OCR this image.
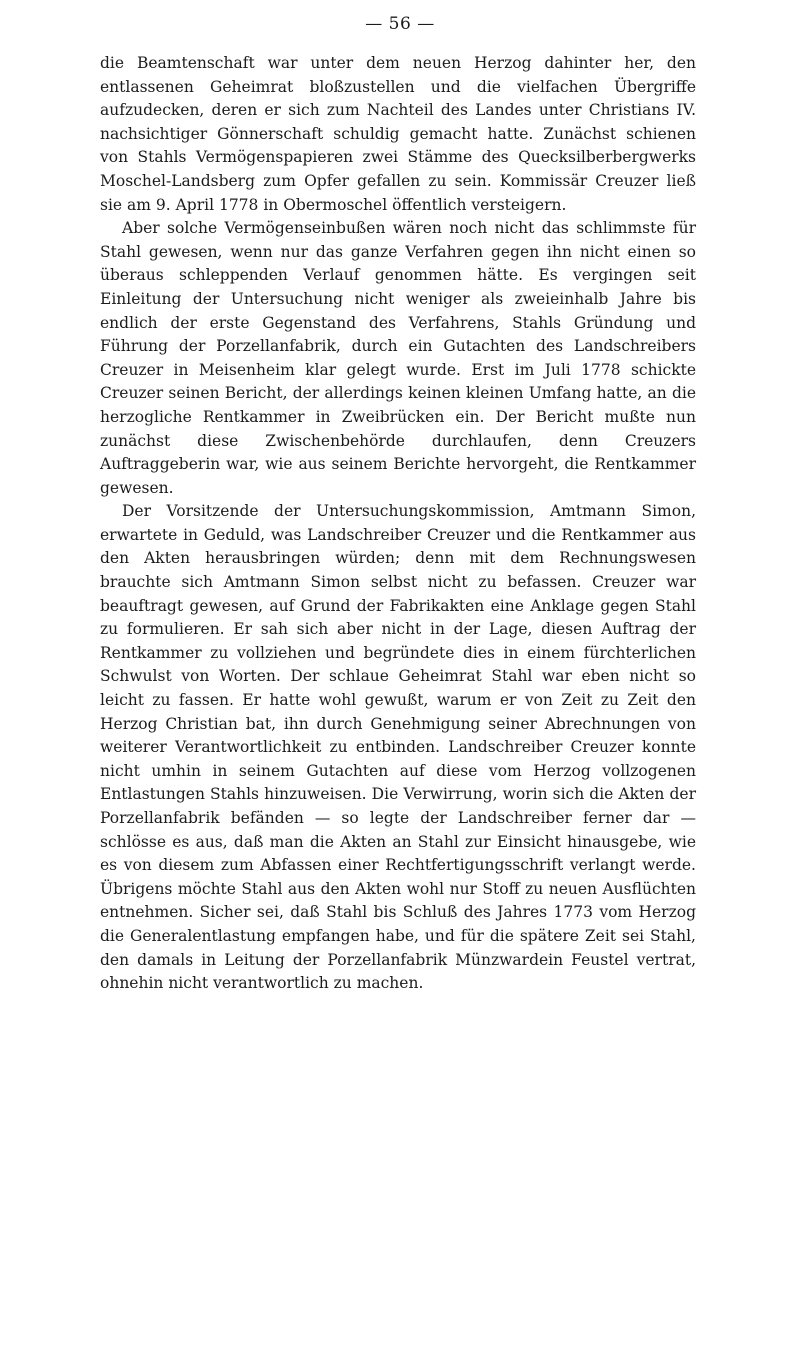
— 56 —

die Beamtenschaft war unter dem neuen Herzog dahinter her, den entlassenen Geheimrat bloßzustellen und die vielfachen Übergriffe aufzudecken, deren er sich zum Nachteil des Landes unter Christians IV. nachsichtiger Gönnerschaft schuldig gemacht hatte. Zunächst schienen von Stahls Vermögenspapieren zwei Stämme des Quecksilberbergwerks Moschel-Landsberg zum Opfer gefallen zu sein. Kommissär Creuzer ließ sie am 9. April 1778 in Obermoschel öffentlich versteigern.

Aber solche Vermögenseinbußen wären noch nicht das schlimmste für Stahl gewesen, wenn nur das ganze Verfahren gegen ihn nicht einen so überaus schleppenden Verlauf genommen hätte. Es vergingen seit Einleitung der Untersuchung nicht weniger als zweieinhalb Jahre bis endlich der erste Gegenstand des Verfahrens, Stahls Gründung und Führung der Porzellanfabrik, durch ein Gutachten des Landschreibers Creuzer in Meisenheim klar gelegt wurde. Erst im Juli 1778 schickte Creuzer seinen Bericht, der allerdings keinen kleinen Umfang hatte, an die herzogliche Rentkammer in Zweibrücken ein. Der Bericht mußte nun zunächst diese Zwischenbehörde durchlaufen, denn Creuzers Auftraggeberin war, wie aus seinem Berichte hervorgeht, die Rentkammer gewesen.

Der Vorsitzende der Untersuchungskommission, Amtmann Simon, erwartete in Geduld, was Landschreiber Creuzer und die Rentkammer aus den Akten herausbringen würden; denn mit dem Rechnungswesen brauchte sich Amtmann Simon selbst nicht zu befassen. Creuzer war beauftragt gewesen, auf Grund der Fabrikakten eine Anklage gegen Stahl zu formulieren. Er sah sich aber nicht in der Lage, diesen Auftrag der Rentkammer zu vollziehen und begründete dies in einem fürchterlichen Schwulst von Worten. Der schlaue Geheimrat Stahl war eben nicht so leicht zu fassen. Er hatte wohl gewußt, warum er von Zeit zu Zeit den Herzog Christian bat, ihn durch Genehmigung seiner Abrechnungen von weiterer Verantwortlichkeit zu entbinden. Landschreiber Creuzer konnte nicht umhin in seinem Gutachten auf diese vom Herzog vollzogenen Entlastungen Stahls hinzuweisen. Die Verwirrung, worin sich die Akten der Porzellanfabrik befänden — so legte der Landschreiber ferner dar — schlösse es aus, daß man die Akten an Stahl zur Einsicht hinausgebe, wie es von diesem zum Abfassen einer Rechtfertigungsschrift verlangt werde. Übrigens möchte Stahl aus den Akten wohl nur Stoff zu neuen Ausflüchten entnehmen. Sicher sei, daß Stahl bis Schluß des Jahres 1773 vom Herzog die Generalentlastung empfangen habe, und für die spätere Zeit sei Stahl, den damals in Leitung der Porzellanfabrik Münzwardein Feustel vertrat, ohnehin nicht verantwortlich zu machen.
